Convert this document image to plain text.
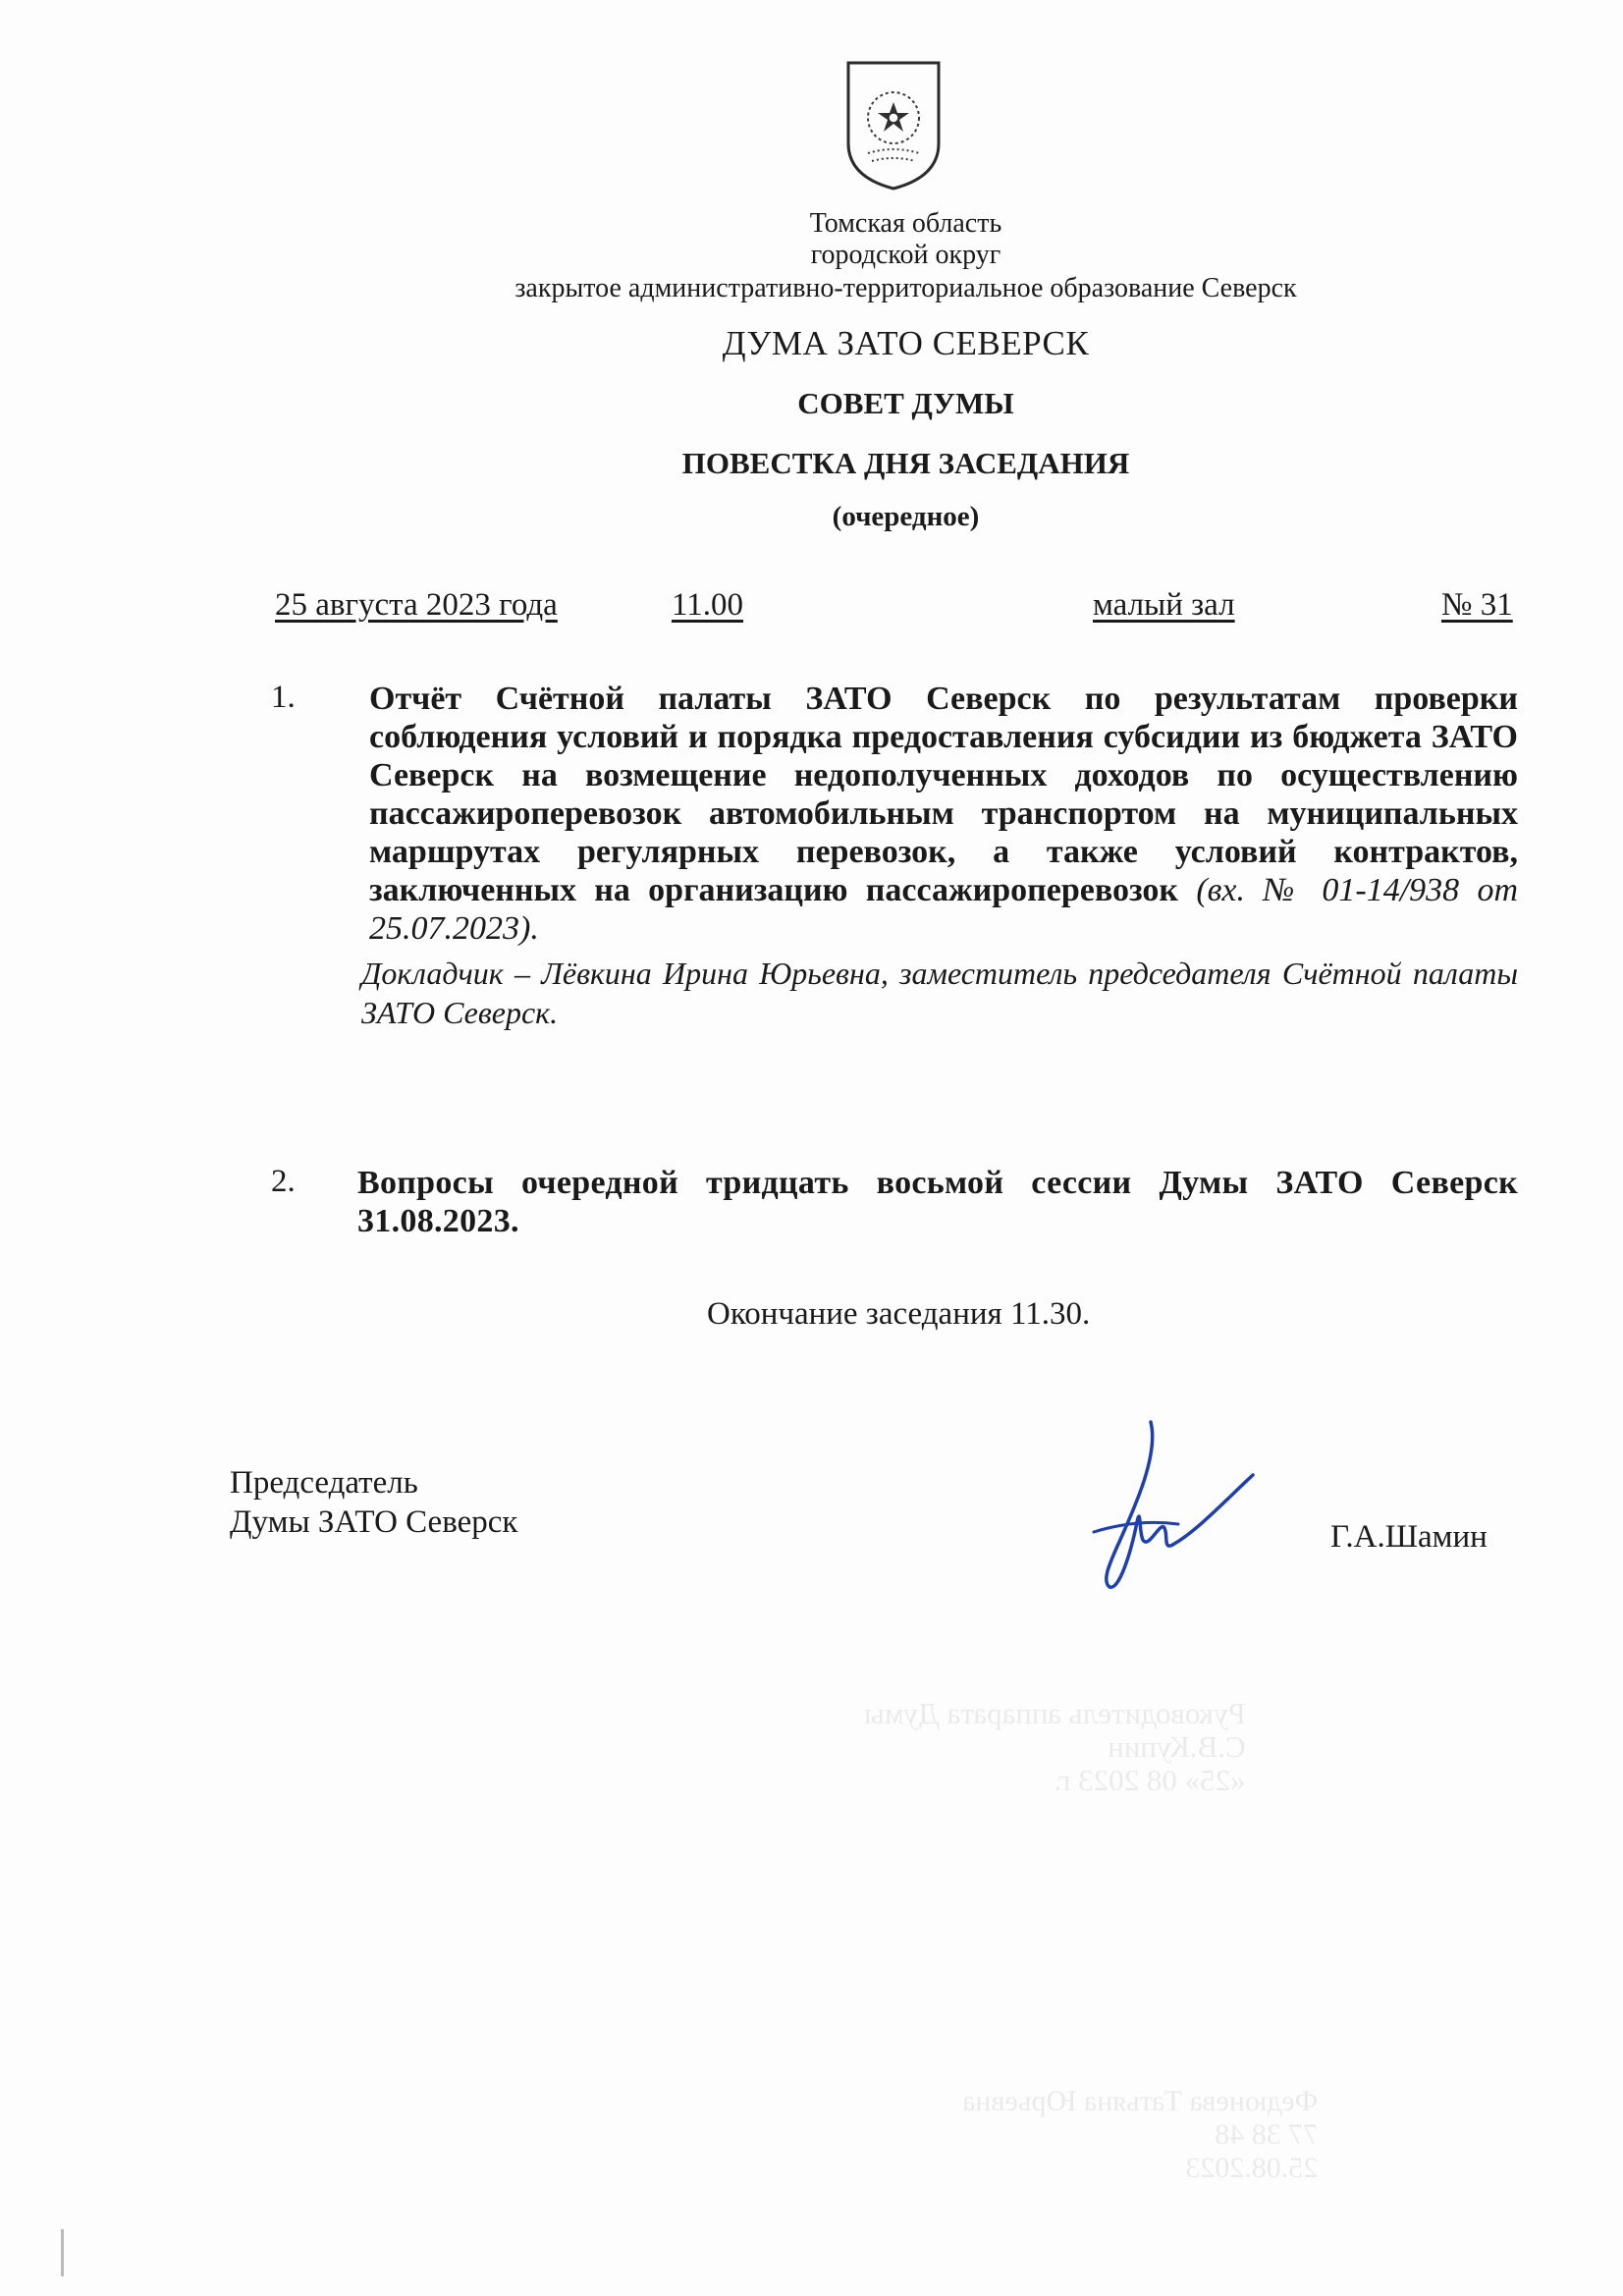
Томская область
городской округ
закрытое административно-территориальное образование Северск
ДУМА ЗАТО СЕВЕРСК
СОВЕТ ДУМЫ
ПОВЕСТКА ДНЯ ЗАСЕДАНИЯ
(очередное)
25 августа 2023 года	11.00	малый зал	№ 31
1. Отчёт Счётной палаты ЗАТО Северск по результатам проверки соблюдения условий и порядка предоставления субсидии из бюджета ЗАТО Северск на возмещение недополученных доходов по осуществлению пассажироперевозок автомобильным транспортом на муниципальных маршрутах регулярных перевозок, а также условий контрактов, заключенных на организацию пассажироперевозок (вх. № 01-14/938 от 25.07.2023).

Докладчик – Лёвкина Ирина Юрьевна, заместитель председателя Счётной палаты ЗАТО Северск.

2. Вопросы очередной тридцать восьмой сессии Думы ЗАТО Северск 31.08.2023.

Окончание заседания 11.30.
Председатель
Думы ЗАТО Северск	Г.А.Шамин
Руководитель аппарата Думы
С.В.Купин
«25» 08 2023 г.
Федюнева Татьяна Юрьевна
77 38 48
25.08.2023
